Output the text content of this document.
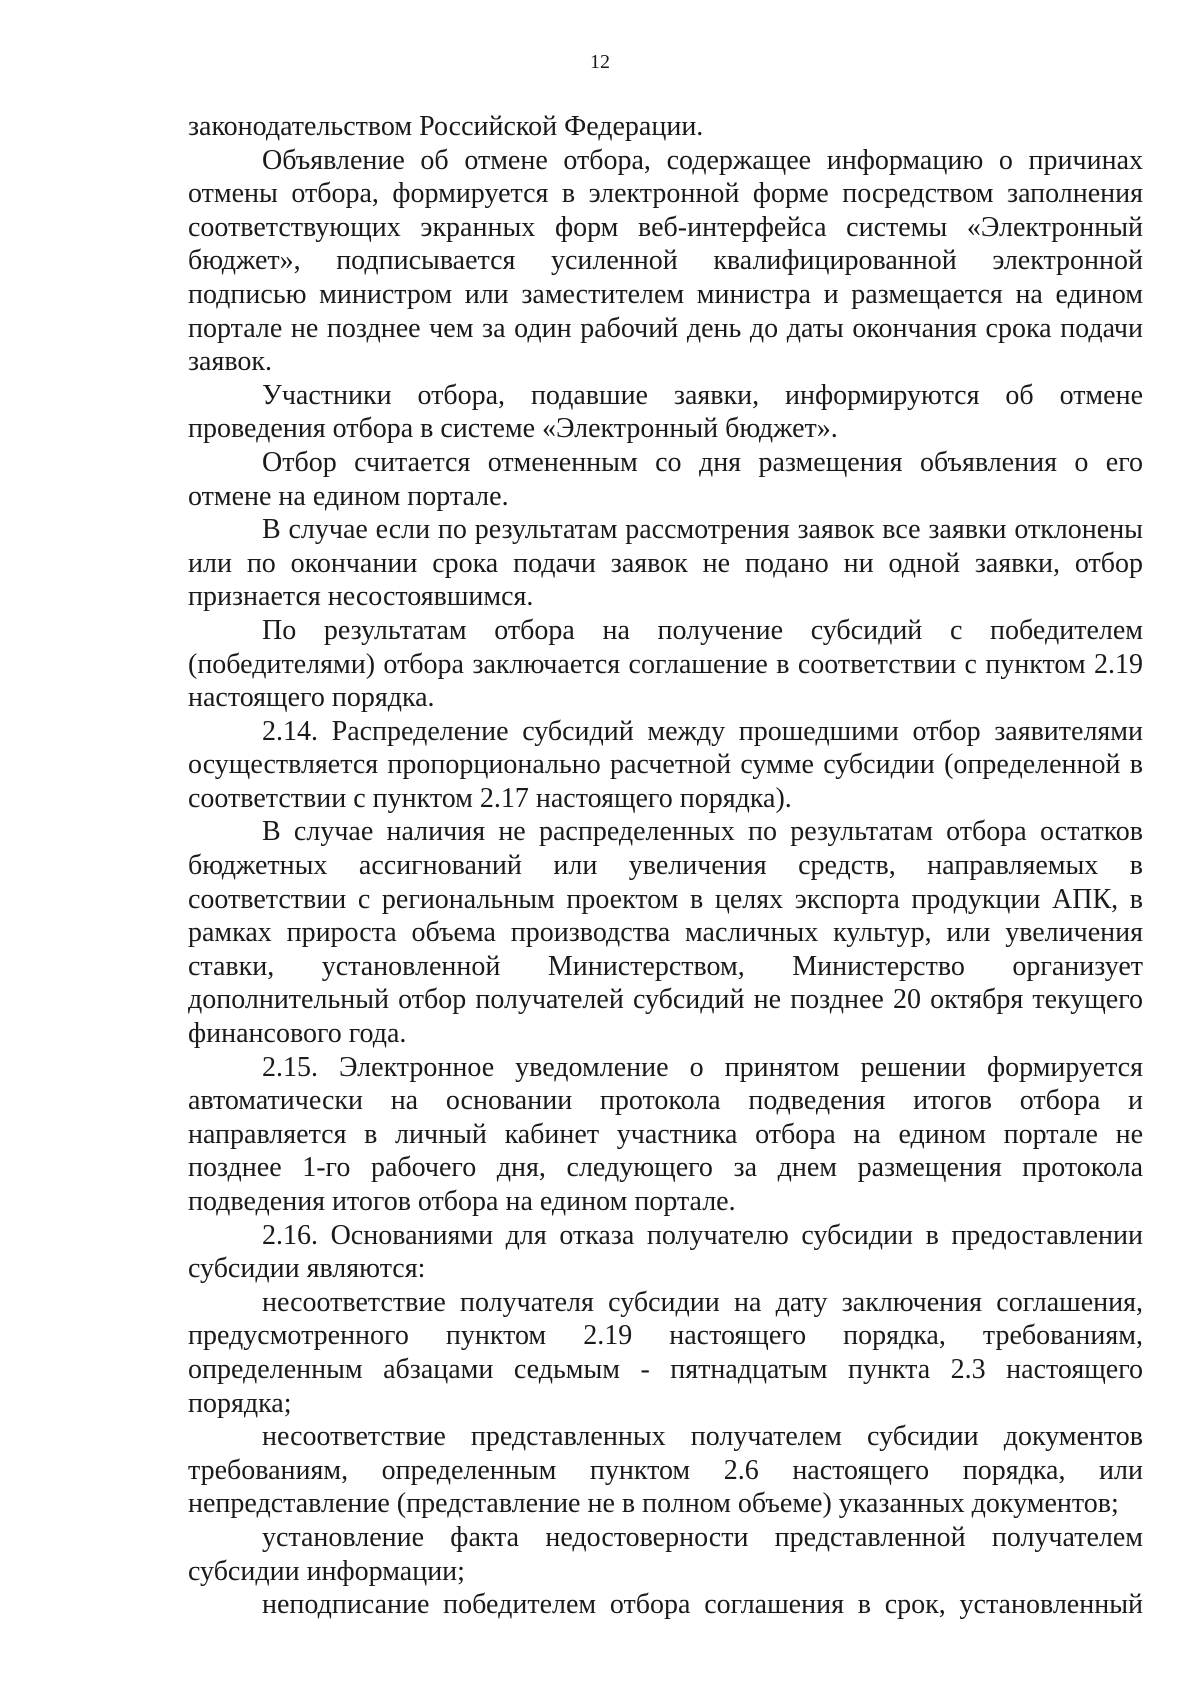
12

законодательством Российской Федерации.

Объявление об отмене отбора, содержащее информацию о причинах отмены отбора, формируется в электронной форме посредством заполнения соответствующих экранных форм веб-интерфейса системы «Электронный бюджет», подписывается усиленной квалифицированной электронной подписью министром или заместителем министра и размещается на едином портале не позднее чем за один рабочий день до даты окончания срока подачи заявок.

Участники отбора, подавшие заявки, информируются об отмене проведения отбора в системе «Электронный бюджет».

Отбор считается отмененным со дня размещения объявления о его отмене на едином портале.

В случае если по результатам рассмотрения заявок все заявки отклонены или по окончании срока подачи заявок не подано ни одной заявки, отбор признается несостоявшимся.

По результатам отбора на получение субсидий с победителем (победителями) отбора заключается соглашение в соответствии с пунктом 2.19 настоящего порядка.

2.14. Распределение субсидий между прошедшими отбор заявителями осуществляется пропорционально расчетной сумме субсидии (определенной в соответствии с пунктом 2.17 настоящего порядка).

В случае наличия не распределенных по результатам отбора остатков бюджетных ассигнований или увеличения средств, направляемых в соответствии с региональным проектом в целях экспорта продукции АПК, в рамках прироста объема производства масличных культур, или увеличения ставки, установленной Министерством, Министерство организует дополнительный отбор получателей субсидий не позднее 20 октября текущего финансового года.

2.15. Электронное уведомление о принятом решении формируется автоматически на основании протокола подведения итогов отбора и направляется в личный кабинет участника отбора на едином портале не позднее 1-го рабочего дня, следующего за днем размещения протокола подведения итогов отбора на едином портале.

2.16. Основаниями для отказа получателю субсидии в предоставлении субсидии являются:

несоответствие получателя субсидии на дату заключения соглашения, предусмотренного пунктом 2.19 настоящего порядка, требованиям, определенным абзацами седьмым - пятнадцатым пункта 2.3 настоящего порядка;

несоответствие представленных получателем субсидии документов требованиям, определенным пунктом 2.6 настоящего порядка, или непредставление (представление не в полном объеме) указанных документов;

установление факта недостоверности представленной получателем субсидии информации;

неподписание победителем отбора соглашения в срок, установленный
